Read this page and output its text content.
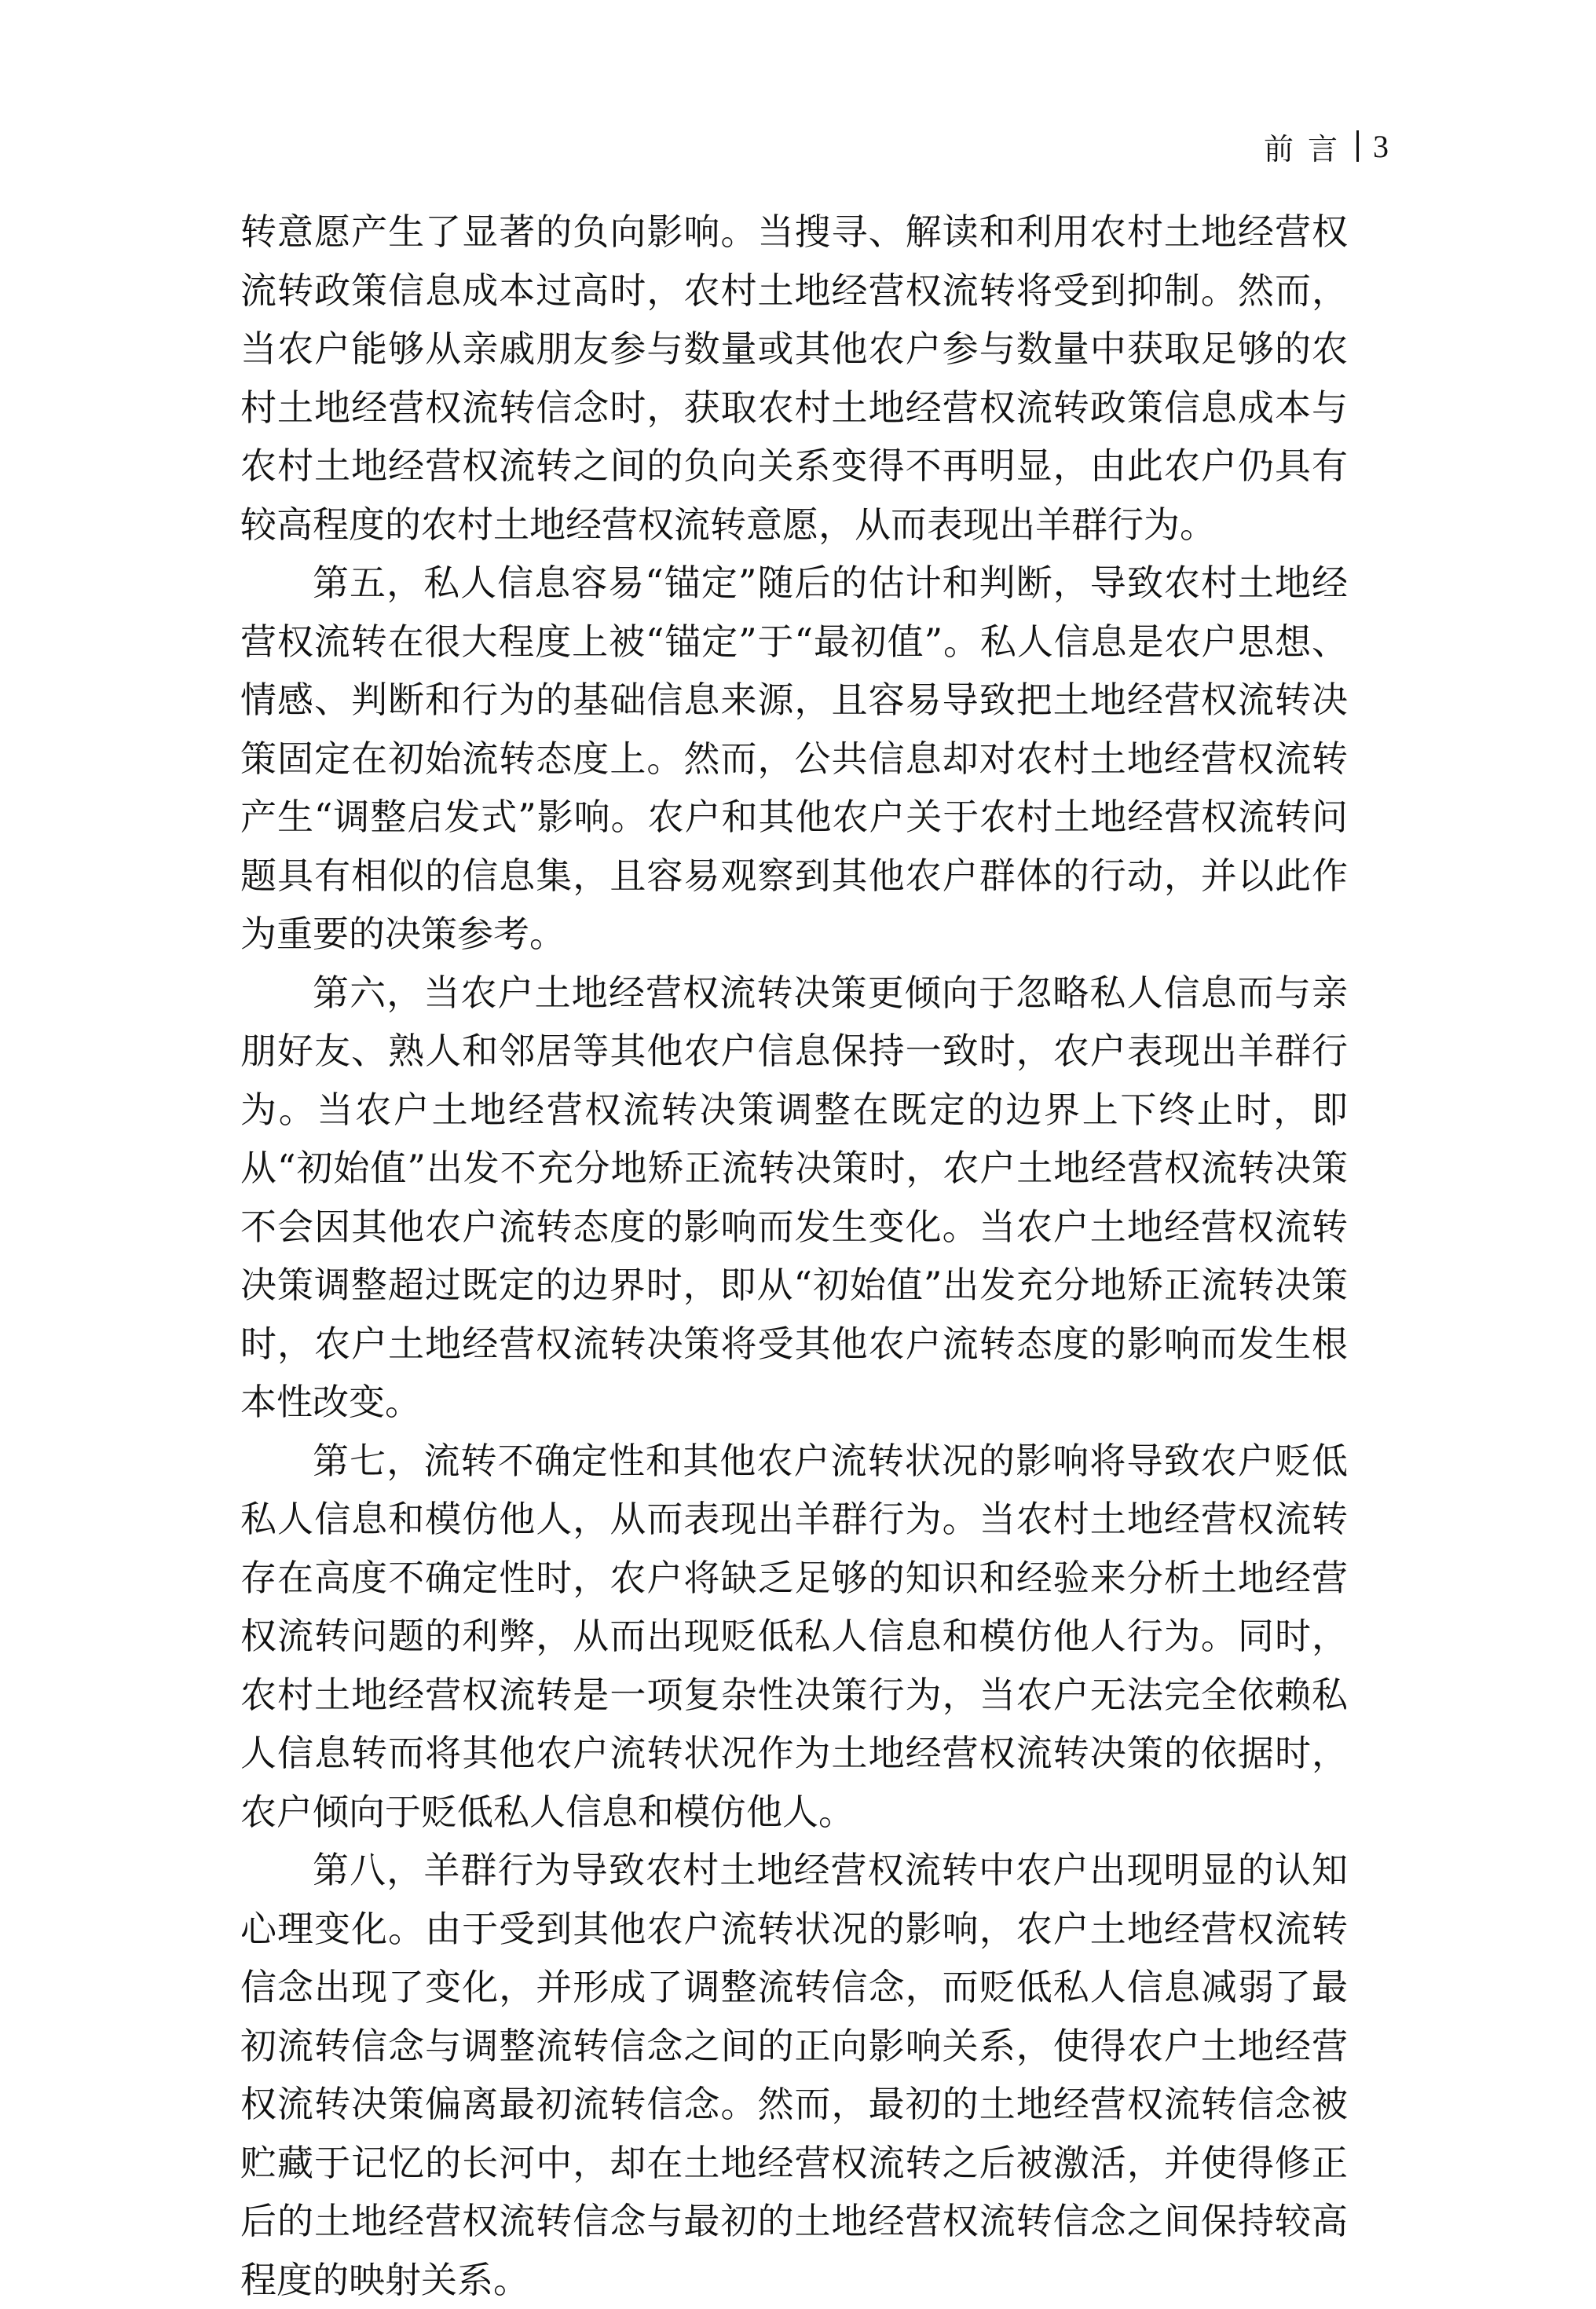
前言 3

转意愿产生了显著的负向影响。当搜寻、解读和利用农村土地经营权流转政策信息成本过高时，农村土地经营权流转将受到抑制。然而，当农户能够从亲戚朋友参与数量或其他农户参与数量中获取足够的农村土地经营权流转信念时，获取农村土地经营权流转政策信息成本与农村土地经营权流转之间的负向关系变得不再明显，由此农户仍具有较高程度的农村土地经营权流转意愿，从而表现出羊群行为。

第五，私人信息容易“锚定”随后的估计和判断，导致农村土地经营权流转在很大程度上被“锚定”于“最初值”。私人信息是农户思想、情感、判断和行为的基础信息来源，且容易导致把土地经营权流转决策固定在初始流转态度上。然而，公共信息却对农村土地经营权流转产生“调整启发式”影响。农户和其他农户关于农村土地经营权流转问题具有相似的信息集，且容易观察到其他农户群体的行动，并以此作为重要的决策参考。

第六，当农户土地经营权流转决策更倾向于忽略私人信息而与亲朋好友、熟人和邻居等其他农户信息保持一致时，农户表现出羊群行为。当农户土地经营权流转决策调整在既定的边界上下终止时，即从“初始值”出发不充分地矫正流转决策时，农户土地经营权流转决策不会因其他农户流转态度的影响而发生变化。当农户土地经营权流转决策调整超过既定的边界时，即从“初始值”出发充分地矫正流转决策时，农户土地经营权流转决策将受其他农户流转态度的影响而发生根本性改变。

第七，流转不确定性和其他农户流转状况的影响将导致农户贬低私人信息和模仿他人，从而表现出羊群行为。当农村土地经营权流转存在高度不确定性时，农户将缺乏足够的知识和经验来分析土地经营权流转问题的利弊，从而出现贬低私人信息和模仿他人行为。同时，农村土地经营权流转是一项复杂性决策行为，当农户无法完全依赖私人信息转而将其他农户流转状况作为土地经营权流转决策的依据时，农户倾向于贬低私人信息和模仿他人。

第八，羊群行为导致农村土地经营权流转中农户出现明显的认知心理变化。由于受到其他农户流转状况的影响，农户土地经营权流转信念出现了变化，并形成了调整流转信念，而贬低私人信息减弱了最初流转信念与调整流转信念之间的正向影响关系，使得农户土地经营权流转决策偏离最初流转信念。然而，最初的土地经营权流转信念被贮藏于记忆的长河中，却在土地经营权流转之后被激活，并使得修正后的土地经营权流转信念与最初的土地经营权流转信念之间保持较高程度的映射关系。
